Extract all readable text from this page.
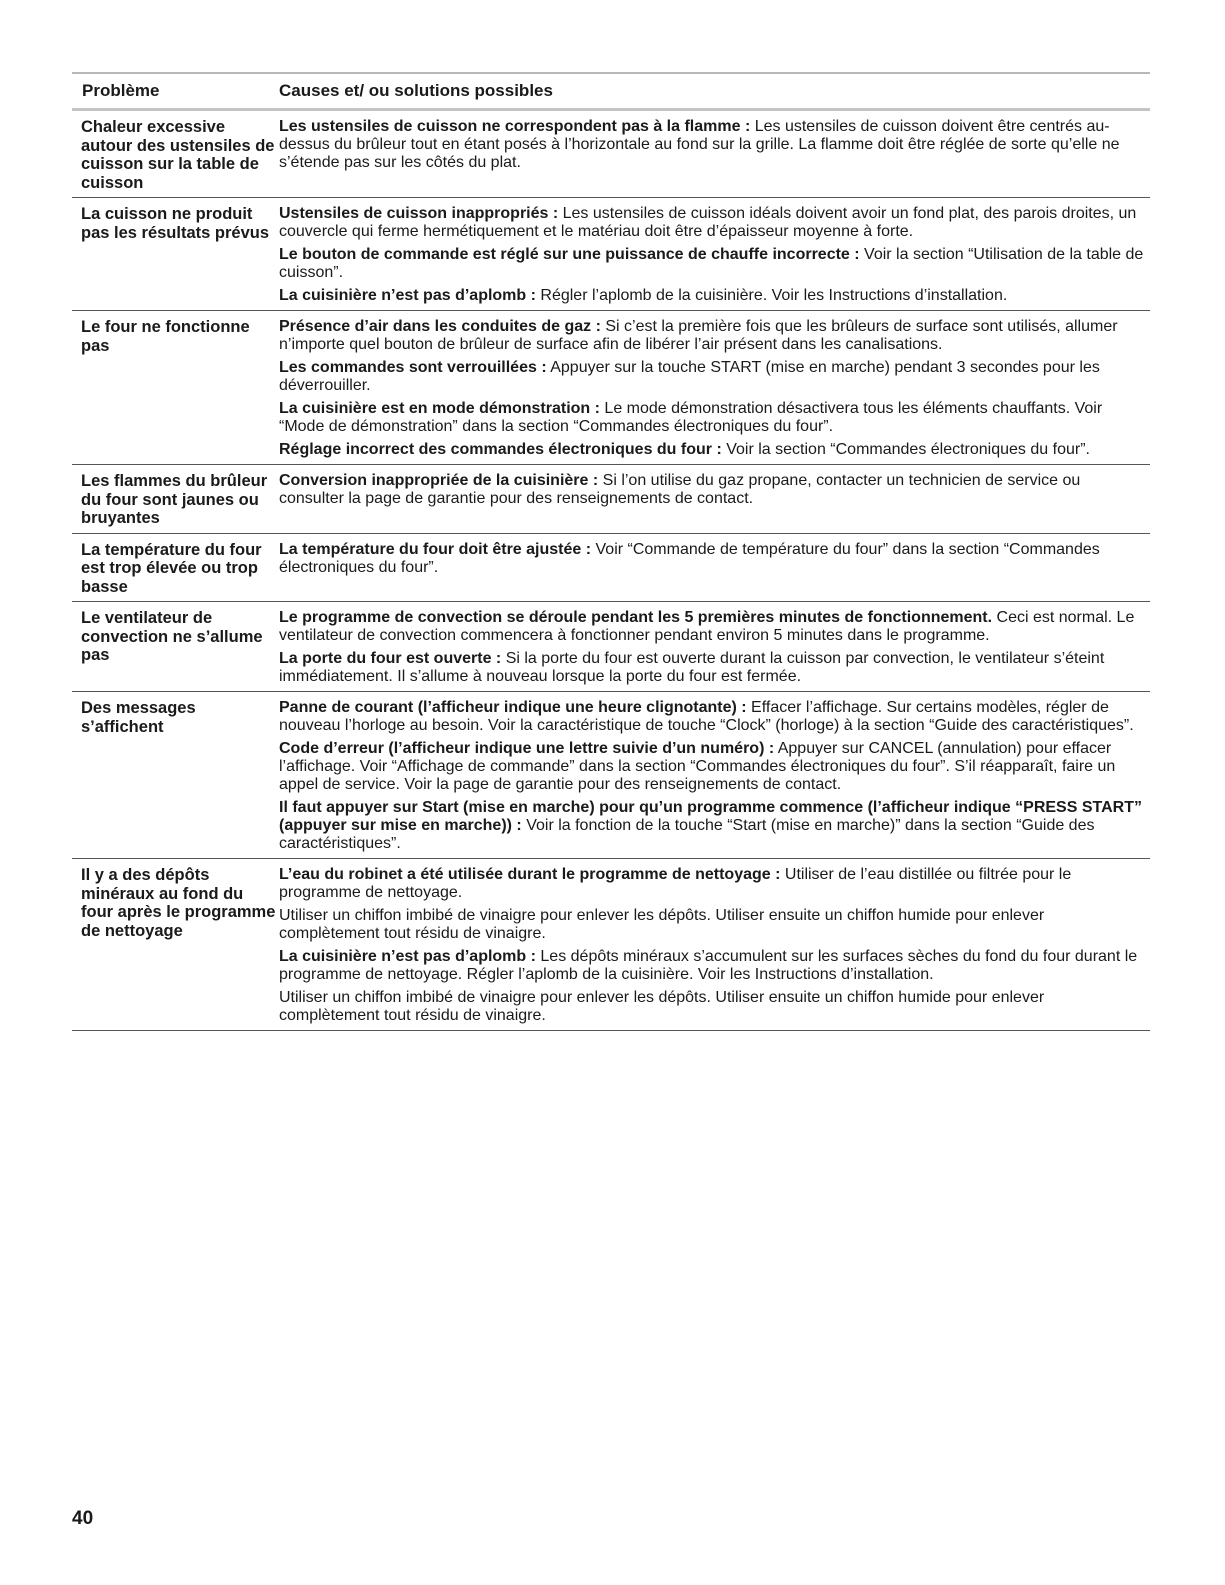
Problème	Causes et/ ou solutions possibles
Chaleur excessive autour des ustensiles de cuisson sur la table de cuisson

Les ustensiles de cuisson ne correspondent pas à la flamme : Les ustensiles de cuisson doivent être centrés au-dessus du brûleur tout en étant posés à l’horizontale au fond sur la grille. La flamme doit être réglée de sorte qu’elle ne s’étende pas sur les côtés du plat.

La cuisson ne produit pas les résultats prévus

Ustensiles de cuisson inappropriés : Les ustensiles de cuisson idéals doivent avoir un fond plat, des parois droites, un couvercle qui ferme hermétiquement et le matériau doit être d’épaisseur moyenne à forte.

Le bouton de commande est réglé sur une puissance de chauffe incorrecte : Voir la section “Utilisation de la table de cuisson”.

La cuisinière n’est pas d’aplomb : Régler l’aplomb de la cuisinière. Voir les Instructions d’installation.

Le four ne fonctionne pas

Présence d’air dans les conduites de gaz : Si c’est la première fois que les brûleurs de surface sont utilisés, allumer n’importe quel bouton de brûleur de surface afin de libérer l’air présent dans les canalisations.

Les commandes sont verrouillées : Appuyer sur la touche START (mise en marche) pendant 3 secondes pour les déverrouiller.

La cuisinière est en mode démonstration : Le mode démonstration désactivera tous les éléments chauffants. Voir “Mode de démonstration” dans la section “Commandes électroniques du four”.

Réglage incorrect des commandes électroniques du four : Voir la section “Commandes électroniques du four”.

Les flammes du brûleur du four sont jaunes ou bruyantes

Conversion inappropriée de la cuisinière : Si l’on utilise du gaz propane, contacter un technicien de service ou consulter la page de garantie pour des renseignements de contact.

La température du four est trop élevée ou trop basse

La température du four doit être ajustée : Voir “Commande de température du four” dans la section “Commandes électroniques du four”.

Le ventilateur de convection ne s’allume pas

Le programme de convection se déroule pendant les 5 premières minutes de fonctionnement. Ceci est normal. Le ventilateur de convection commencera à fonctionner pendant environ 5 minutes dans le programme.

La porte du four est ouverte : Si la porte du four est ouverte durant la cuisson par convection, le ventilateur s’éteint immédiatement. Il s’allume à nouveau lorsque la porte du four est fermée.

Des messages s’affichent

Panne de courant (l’afficheur indique une heure clignotante) : Effacer l’affichage. Sur certains modèles, régler de nouveau l’horloge au besoin. Voir la caractéristique de touche “Clock” (horloge) à la section “Guide des caractéristiques”.

Code d’erreur (l’afficheur indique une lettre suivie d’un numéro) : Appuyer sur CANCEL (annulation) pour effacer l’affichage. Voir “Affichage de commande” dans la section “Commandes électroniques du four”. S’il réapparaît, faire un appel de service. Voir la page de garantie pour des renseignements de contact.

Il faut appuyer sur Start (mise en marche) pour qu’un programme commence (l’afficheur indique “PRESS START” (appuyer sur mise en marche)) : Voir la fonction de la touche “Start (mise en marche)” dans la section “Guide des caractéristiques”.

Il y a des dépôts minéraux au fond du four après le programme de nettoyage

L’eau du robinet a été utilisée durant le programme de nettoyage : Utiliser de l’eau distillée ou filtrée pour le programme de nettoyage.

Utiliser un chiffon imbibé de vinaigre pour enlever les dépôts. Utiliser ensuite un chiffon humide pour enlever complètement tout résidu de vinaigre.

La cuisinière n’est pas d’aplomb : Les dépôts minéraux s’accumulent sur les surfaces sèches du fond du four durant le programme de nettoyage. Régler l’aplomb de la cuisinière. Voir les Instructions d’installation.

Utiliser un chiffon imbibé de vinaigre pour enlever les dépôts. Utiliser ensuite un chiffon humide pour enlever complètement tout résidu de vinaigre.

40
